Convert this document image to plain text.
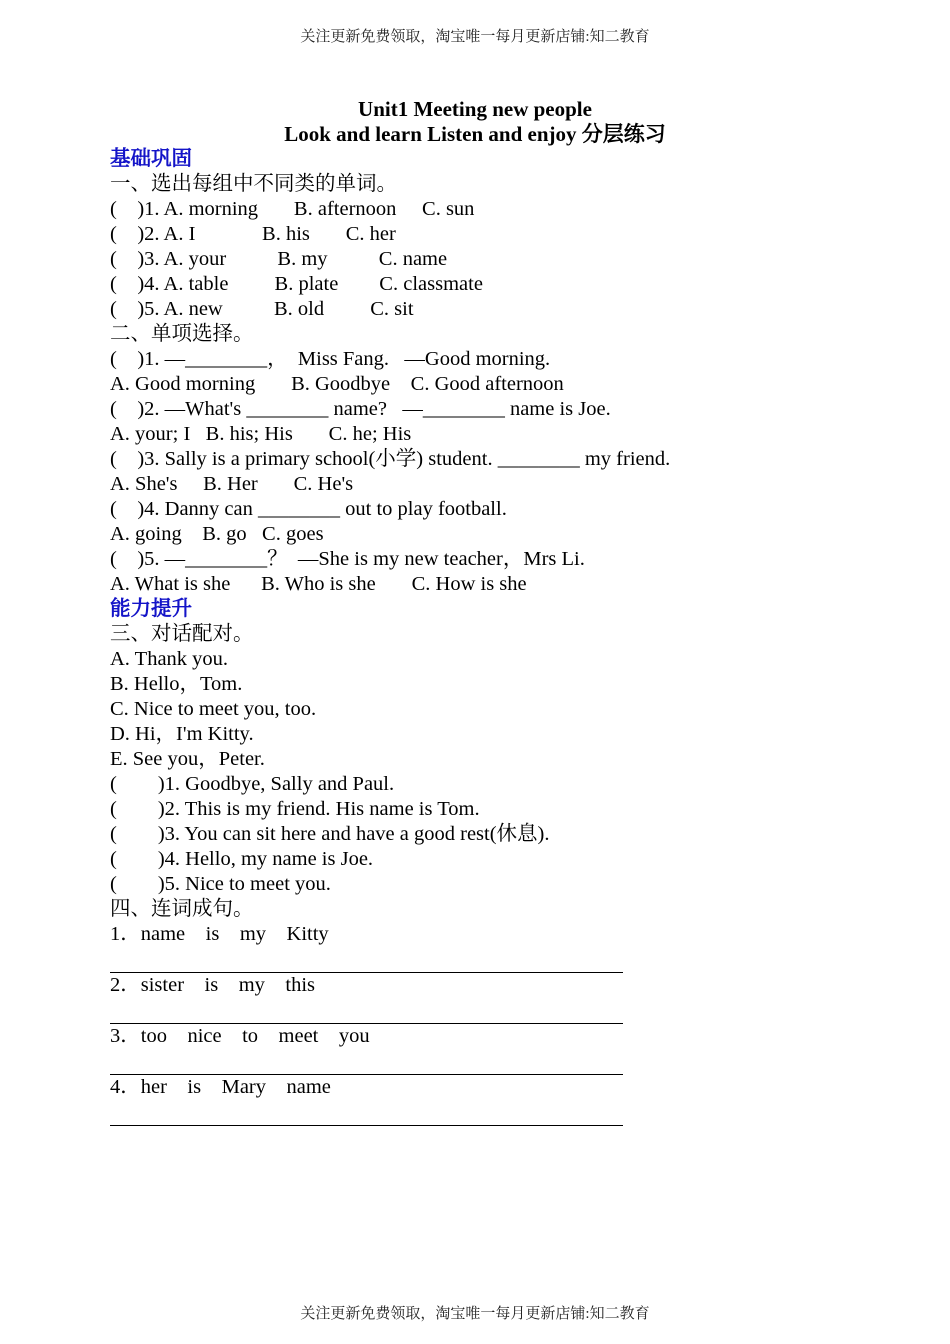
关注更新免费领取，淘宝唯一每月更新店铺:知二教育
Unit1 Meeting new people
Look and learn Listen and enjoy 分层练习
基础巩固
一、选出每组中不同类的单词。
(    )1. A. morning       B. afternoon     C. sun
(    )2. A. I             B. his       C. her
(    )3. A. your          B. my          C. name
(    )4. A. table         B. plate        C. classmate
(    )5. A. new          B. old         C. sit
二、单项选择。
(    )1. —________，  Miss Fang.   —Good morning.
A. Good morning       B. Goodbye    C. Good afternoon
(    )2. —What's ________ name?   —________ name is Joe.
A. your; I   B. his; His       C. he; His
(    )3. Sally is a primary school(小学) student. ________ my friend.
A. She's     B. Her       C. He's
(    )4. Danny can ________ out to play football.
A. going    B. go   C. goes
(    )5. —________？  —She is my new teacher，Mrs Li.
A. What is she      B. Who is she       C. How is she
能力提升
三、对话配对。
A. Thank you.
B. Hello，Tom.
C. Nice to meet you, too.
D. Hi，I'm Kitty.
E. See you，Peter.
(        )1. Goodbye, Sally and Paul.
(        )2. This is my friend. His name is Tom.
(        )3. You can sit here and have a good rest(休息).
(        )4. Hello, my name is Joe.
(        )5. Nice to meet you.
四、连词成句。
1．name    is    my    Kitty
2．sister    is    my    this
3．too    nice    to    meet    you
4．her    is    Mary    name
关注更新免费领取，淘宝唯一每月更新店铺:知二教育
